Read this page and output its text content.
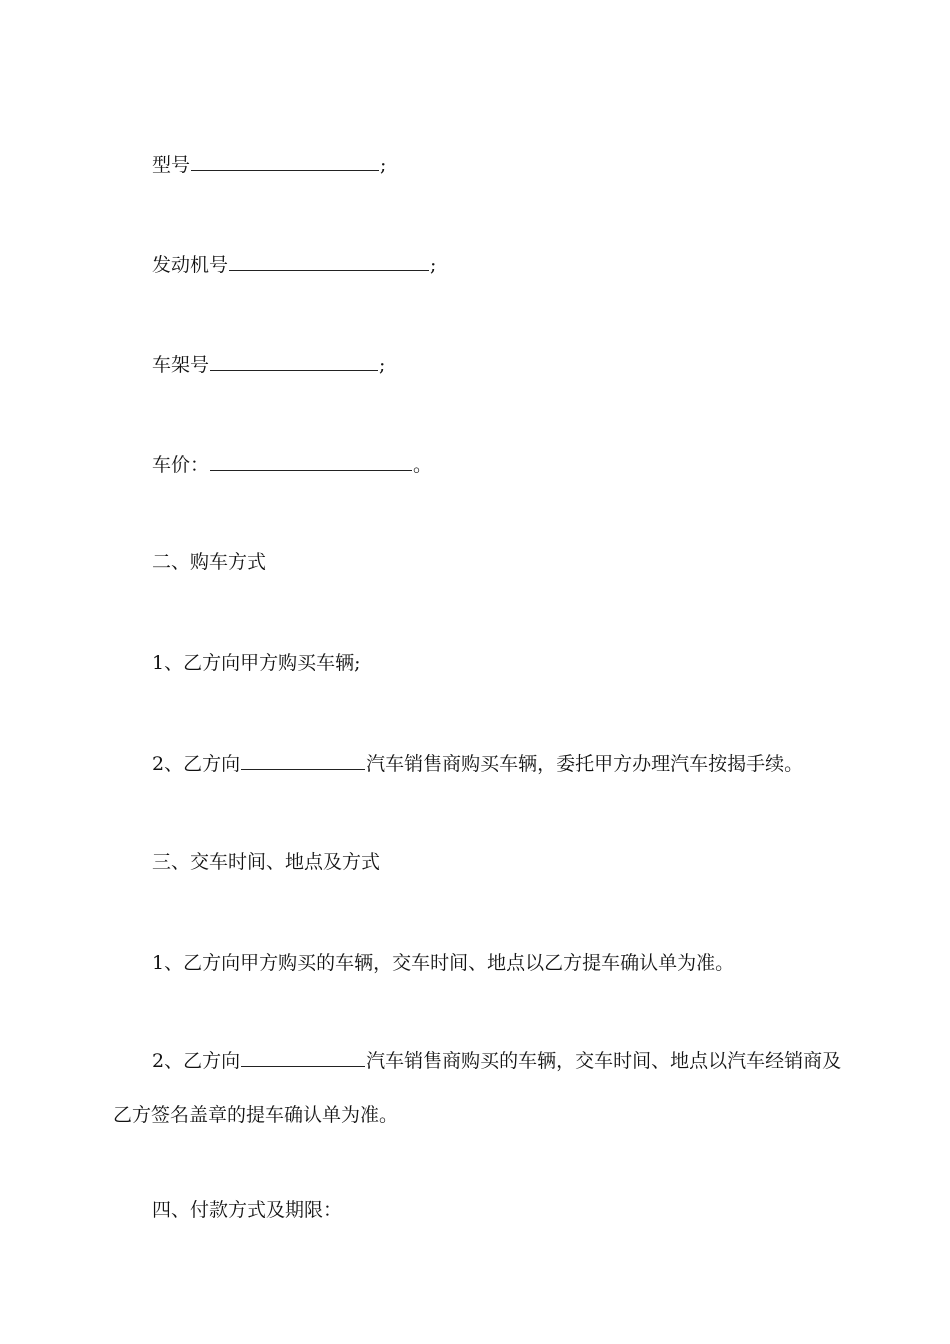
型号	;
发动机号	;
车架号	;
车价：	。
二、购车方式
1、乙方向甲方购买车辆;
2、乙方向	汽车销售商购买车辆，委托甲方办理汽车按揭手续。
三、交车时间、地点及方式
1、乙方向甲方购买的车辆，交车时间、地点以乙方提车确认单为准。
2、乙方向	汽车销售商购买的车辆，交车时间、地点以汽车经销商及乙方签名盖章的提车确认单为准。
四、付款方式及期限：
